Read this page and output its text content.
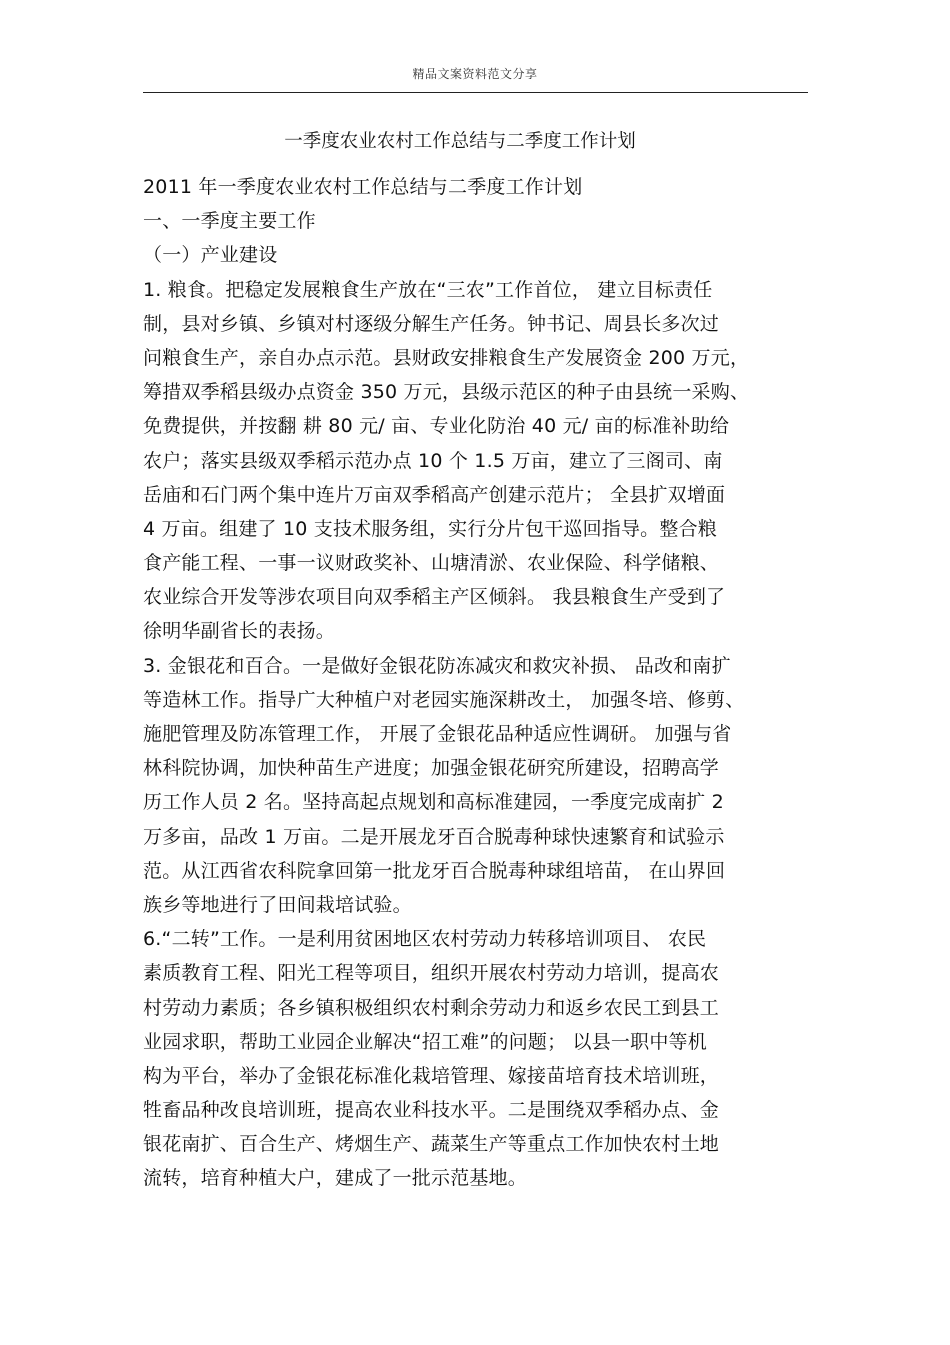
精品文案资料范文分享
一季度农业农村工作总结与二季度工作计划
2011 年一季度农业农村工作总结与二季度工作计划
一、一季度主要工作
（一）产业建设
1. 粮食。把稳定发展粮食生产放在“三农”工作首位， 建立目标责任
制，县对乡镇、乡镇对村逐级分解生产任务。钟书记、周县长多次过
问粮食生产，亲自办点示范。县财政安排粮食生产发展资金 200 万元，
筹措双季稻县级办点资金 350 万元，县级示范区的种子由县统一采购、
免费提供，并按翻 耕 80 元/ 亩、专业化防治 40 元/ 亩的标准补助给
农户；落实县级双季稻示范办点 10 个 1.5 万亩，建立了三阁司、南
岳庙和石门两个集中连片万亩双季稻高产创建示范片； 全县扩双增面
4 万亩。组建了 10 支技术服务组，实行分片包干巡回指导。整合粮
食产能工程、一事一议财政奖补、山塘清淤、农业保险、科学储粮、
农业综合开发等涉农项目向双季稻主产区倾斜。 我县粮食生产受到了
徐明华副省长的表扬。
3. 金银花和百合。一是做好金银花防冻减灾和救灾补损、 品改和南扩
等造林工作。指导广大种植户对老园实施深耕改土， 加强冬培、修剪、
施肥管理及防冻管理工作， 开展了金银花品种适应性调研。 加强与省
林科院协调，加快种苗生产进度；加强金银花研究所建设，招聘高学
历工作人员 2 名。坚持高起点规划和高标准建园，一季度完成南扩 2
万多亩，品改 1 万亩。二是开展龙牙百合脱毒种球快速繁育和试验示
范。从江西省农科院拿回第一批龙牙百合脱毒种球组培苗， 在山界回
族乡等地进行了田间栽培试验。
6.“二转”工作。一是利用贫困地区农村劳动力转移培训项目、 农民
素质教育工程、阳光工程等项目，组织开展农村劳动力培训，提高农
村劳动力素质；各乡镇积极组织农村剩余劳动力和返乡农民工到县工
业园求职，帮助工业园企业解决“招工难”的问题； 以县一职中等机
构为平台，举办了金银花标准化栽培管理、嫁接苗培育技术培训班，
牲畜品种改良培训班，提高农业科技水平。二是围绕双季稻办点、金
银花南扩、百合生产、烤烟生产、蔬菜生产等重点工作加快农村土地
流转，培育种植大户，建成了一批示范基地。
